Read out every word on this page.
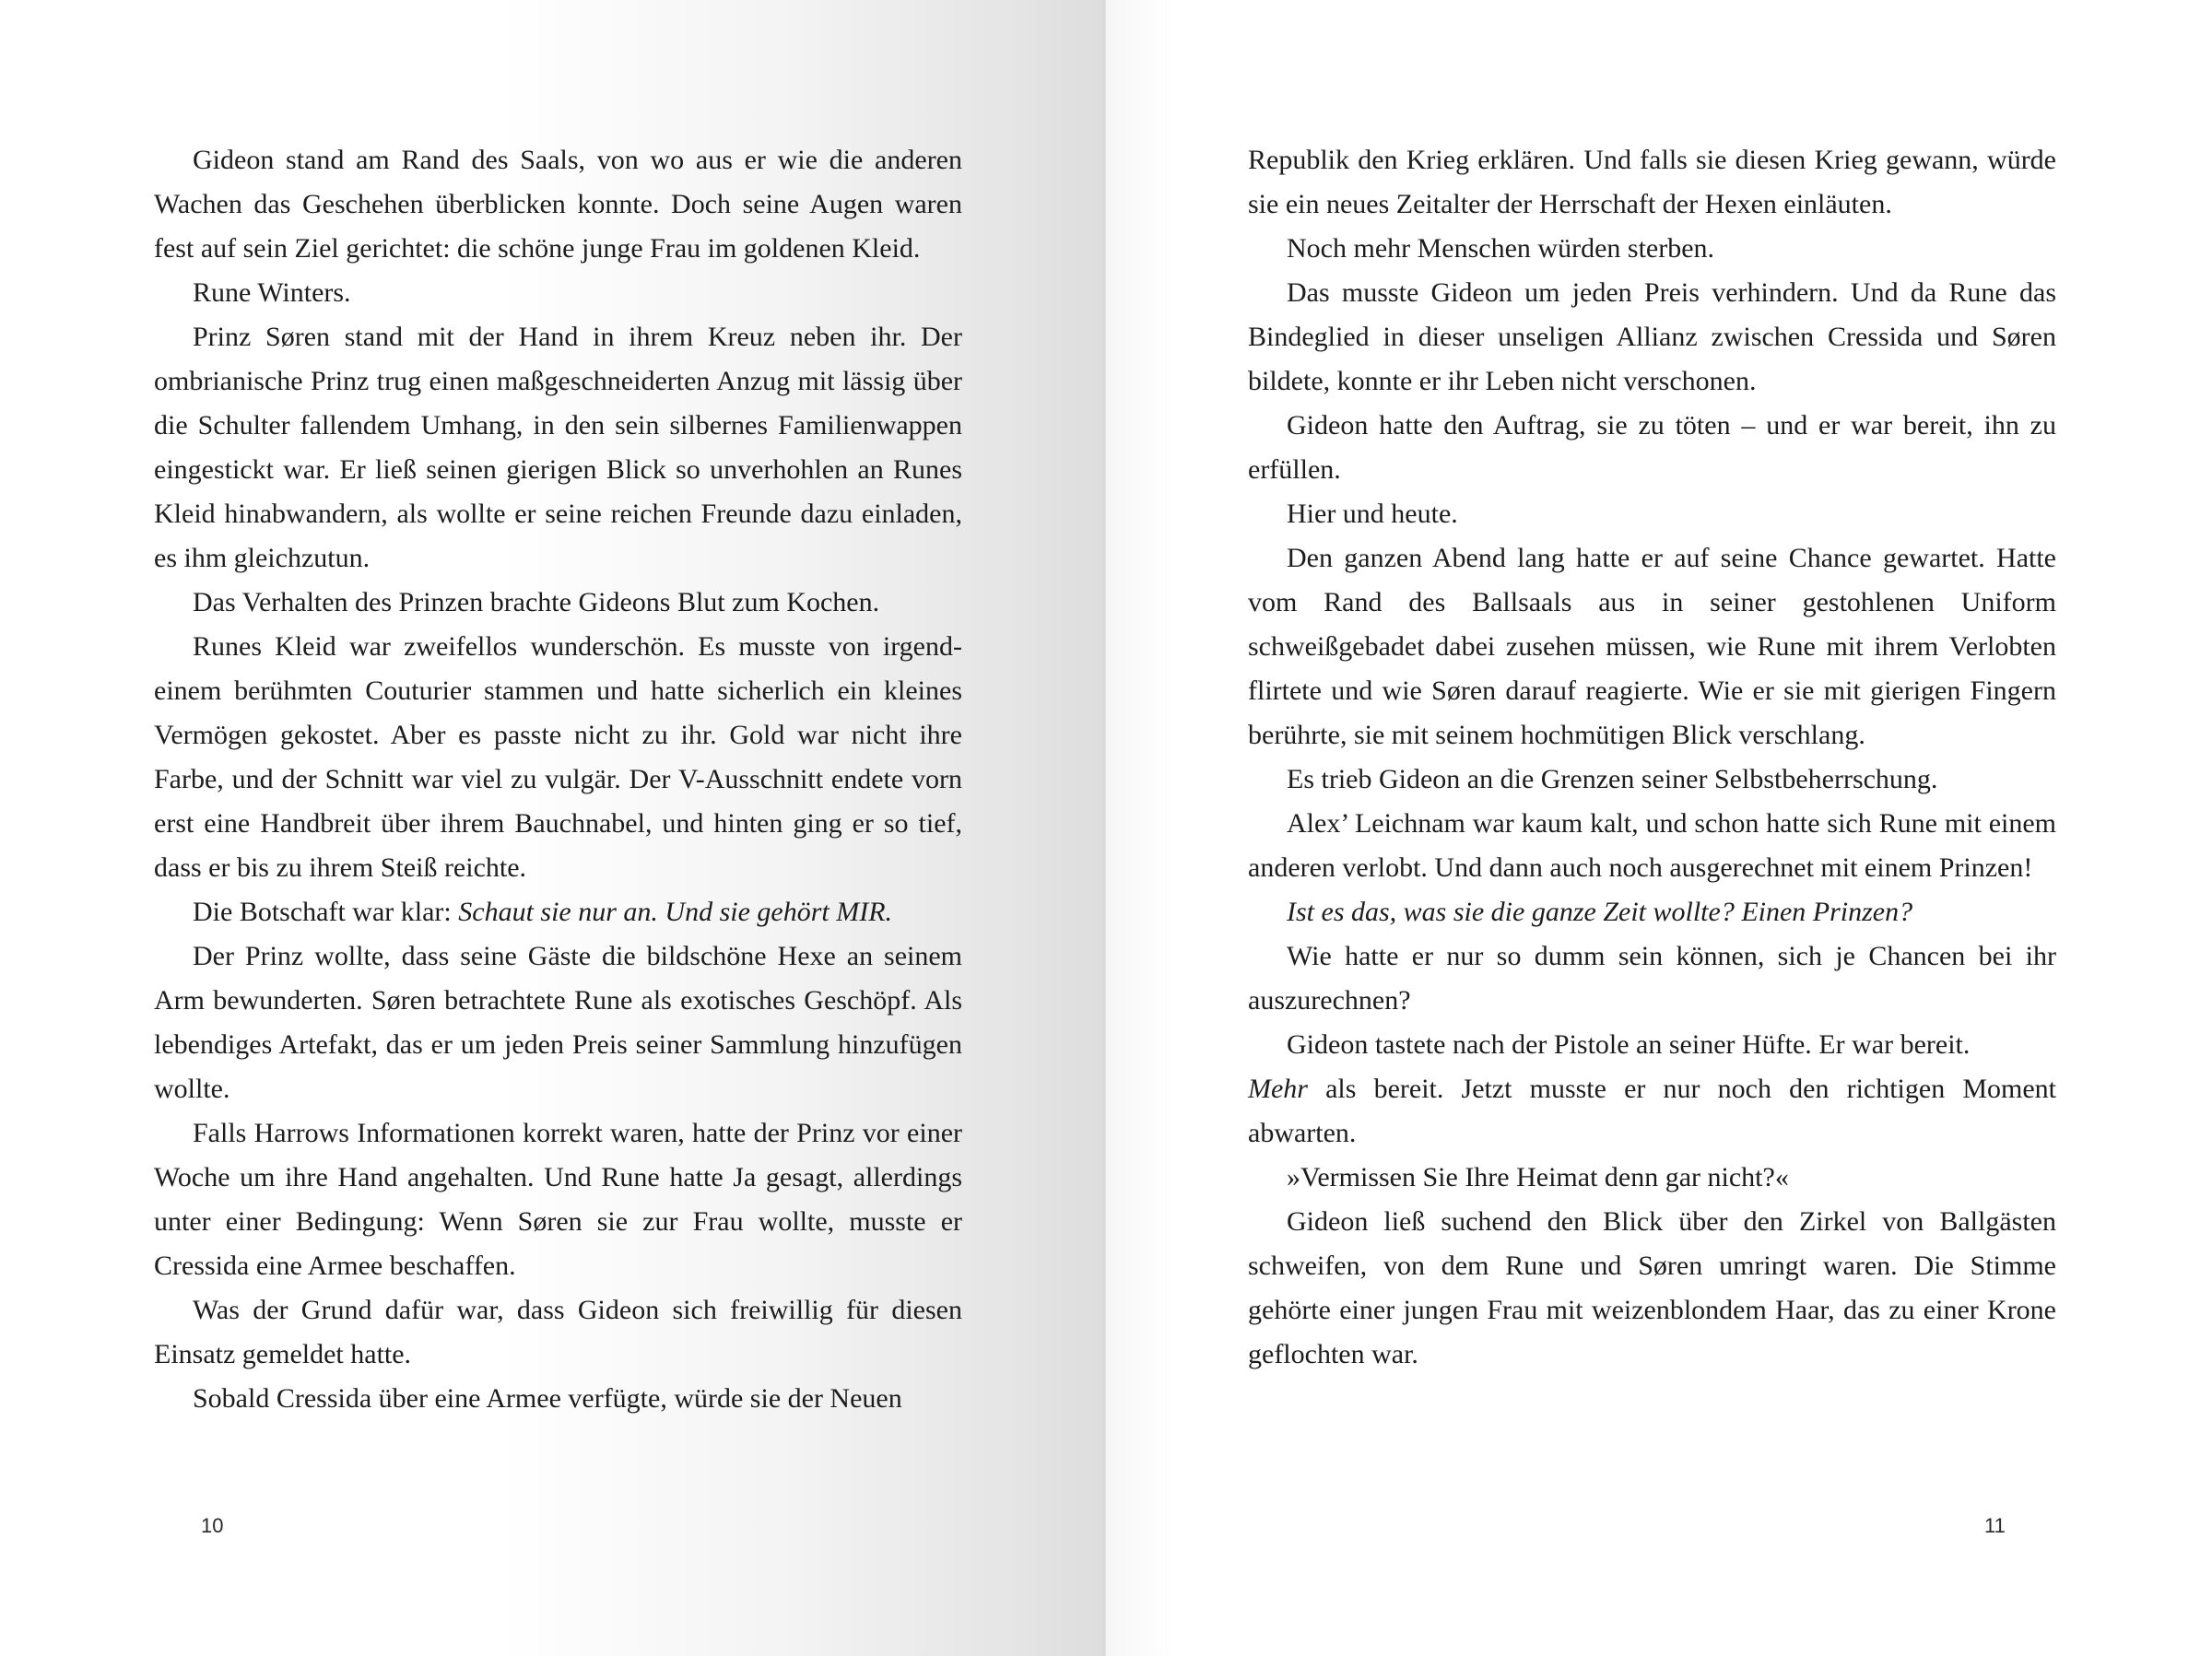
Gideon stand am Rand des Saals, von wo aus er wie die anderen Wachen das Geschehen überblicken konnte. Doch seine Augen waren fest auf sein Ziel gerichtet: die schöne junge Frau im goldenen Kleid.

Rune Winters.

Prinz Søren stand mit der Hand in ihrem Kreuz neben ihr. Der ombrianische Prinz trug einen maßgeschneiderten Anzug mit lässig über die Schulter fallendem Umhang, in den sein silbernes Familienwappen eingestickt war. Er ließ seinen gierigen Blick so unverhohlen an Runes Kleid hinabwandern, als wollte er seine reichen Freunde dazu einladen, es ihm gleichzutun.

Das Verhalten des Prinzen brachte Gideons Blut zum Kochen.

Runes Kleid war zweifellos wunderschön. Es musste von irgendeinem berühmten Couturier stammen und hatte sicherlich ein kleines Vermögen gekostet. Aber es passte nicht zu ihr. Gold war nicht ihre Farbe, und der Schnitt war viel zu vulgär. Der V-Ausschnitt endete vorn erst eine Handbreit über ihrem Bauchnabel, und hinten ging er so tief, dass er bis zu ihrem Steiß reichte.

Die Botschaft war klar: Schaut sie nur an. Und sie gehört MIR.

Der Prinz wollte, dass seine Gäste die bildschöne Hexe an seinem Arm bewunderten. Søren betrachtete Rune als exotisches Geschöpf. Als lebendiges Artefakt, das er um jeden Preis seiner Sammlung hinzufügen wollte.

Falls Harrows Informationen korrekt waren, hatte der Prinz vor einer Woche um ihre Hand angehalten. Und Rune hatte Ja gesagt, allerdings unter einer Bedingung: Wenn Søren sie zur Frau wollte, musste er Cressida eine Armee beschaffen.

Was der Grund dafür war, dass Gideon sich freiwillig für diesen Einsatz gemeldet hatte.

Sobald Cressida über eine Armee verfügte, würde sie der Neuen

10

Republik den Krieg erklären. Und falls sie diesen Krieg gewann, würde sie ein neues Zeitalter der Herrschaft der Hexen einläuten.

Noch mehr Menschen würden sterben.

Das musste Gideon um jeden Preis verhindern. Und da Rune das Bindeglied in dieser unseligen Allianz zwischen Cressida und Søren bildete, konnte er ihr Leben nicht verschonen.

Gideon hatte den Auftrag, sie zu töten – und er war bereit, ihn zu erfüllen.

Hier und heute.

Den ganzen Abend lang hatte er auf seine Chance gewartet. Hatte vom Rand des Ballsaals aus in seiner gestohlenen Uniform schweißgebadet dabei zusehen müssen, wie Rune mit ihrem Verlobten flirtete und wie Søren darauf reagierte. Wie er sie mit gierigen Fingern berührte, sie mit seinem hochmütigen Blick verschlang.

Es trieb Gideon an die Grenzen seiner Selbstbeherrschung.

Alex’ Leichnam war kaum kalt, und schon hatte sich Rune mit einem anderen verlobt. Und dann auch noch ausgerechnet mit einem Prinzen!

Ist es das, was sie die ganze Zeit wollte? Einen Prinzen?

Wie hatte er nur so dumm sein können, sich je Chancen bei ihr auszurechnen?

Gideon tastete nach der Pistole an seiner Hüfte. Er war bereit.

Mehr als bereit. Jetzt musste er nur noch den richtigen Moment abwarten.

»Vermissen Sie Ihre Heimat denn gar nicht?«

Gideon ließ suchend den Blick über den Zirkel von Ballgästen schweifen, von dem Rune und Søren umringt waren. Die Stimme gehörte einer jungen Frau mit weizenblondem Haar, das zu einer Krone geflochten war.

11
